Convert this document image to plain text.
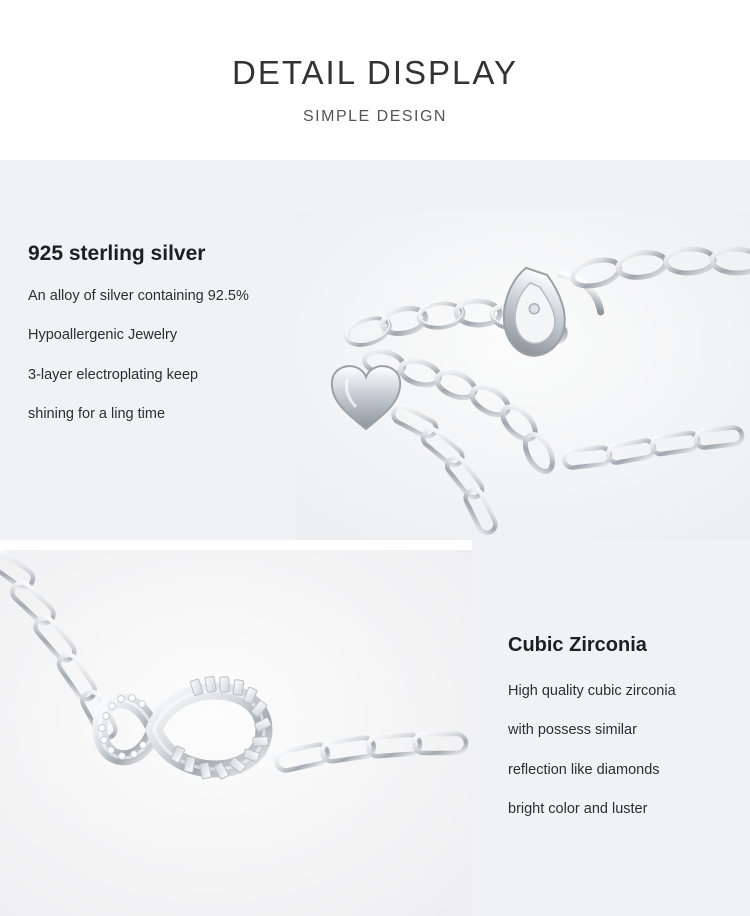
DETAIL DISPLAY
SIMPLE DESIGN
925 sterling silver
An alloy of silver containing 92.5%
Hypoallergenic Jewelry
3-layer electroplating keep
shining for a ling time
Cubic Zirconia
High quality cubic zirconia
with possess similar
reflection like diamonds
bright color and luster
